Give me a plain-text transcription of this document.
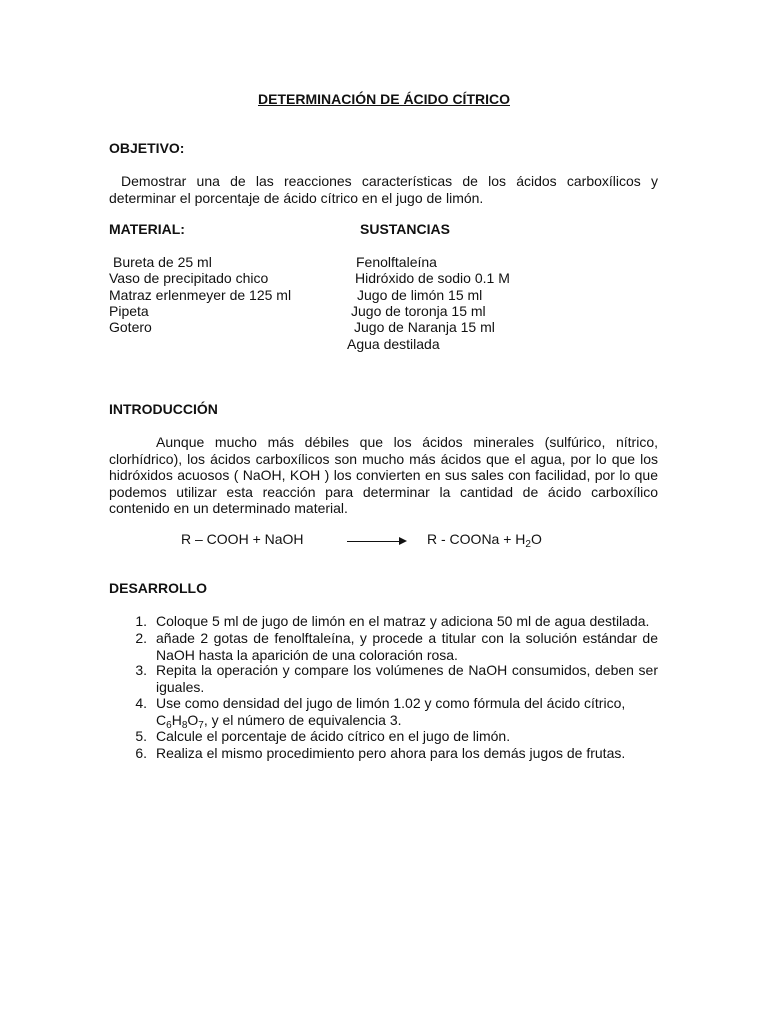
DETERMINACIÓN DE ÁCIDO CÍTRICO
OBJETIVO:
Demostrar una de las reacciones características de los ácidos carboxílicos y determinar el porcentaje de ácido cítrico en el jugo de limón.
MATERIAL:	SUSTANCIAS
Bureta de 25 ml
Vaso de precipitado chico
Matraz erlenmeyer de 125 ml
Pipeta
Gotero
Fenolftaleína
Hidróxido de sodio 0.1 M
Jugo de limón 15 ml
Jugo de toronja 15 ml
Jugo de Naranja 15 ml
Agua destilada
INTRODUCCIÓN
Aunque mucho más débiles que los ácidos minerales (sulfúrico, nítrico, clorhídrico), los ácidos carboxílicos son mucho más ácidos que el agua, por lo que los hidróxidos acuosos ( NaOH, KOH ) los convierten en sus sales con facilidad, por lo que podemos utilizar esta reacción para determinar la cantidad de ácido carboxílico contenido en un determinado material.
R – COOH + NaOH	R - COONa + $H_2O$
DESARROLLO
1. Coloque 5 ml de jugo de limón en el matraz y adiciona 50 ml de agua destilada.
2. añade 2 gotas de fenolftaleína, y procede a titular con la solución estándar de NaOH hasta la aparición de una coloración rosa.
3. Repita la operación y compare los volúmenes de NaOH consumidos, deben ser iguales.
4. Use como densidad del jugo de limón 1.02 y como fórmula del ácido cítrico,
$C_6H_8O_7$, y el número de equivalencia 3.
5. Calcule el porcentaje de ácido cítrico en el jugo de limón.
6. Realiza el mismo procedimiento pero ahora para los demás jugos de frutas.
